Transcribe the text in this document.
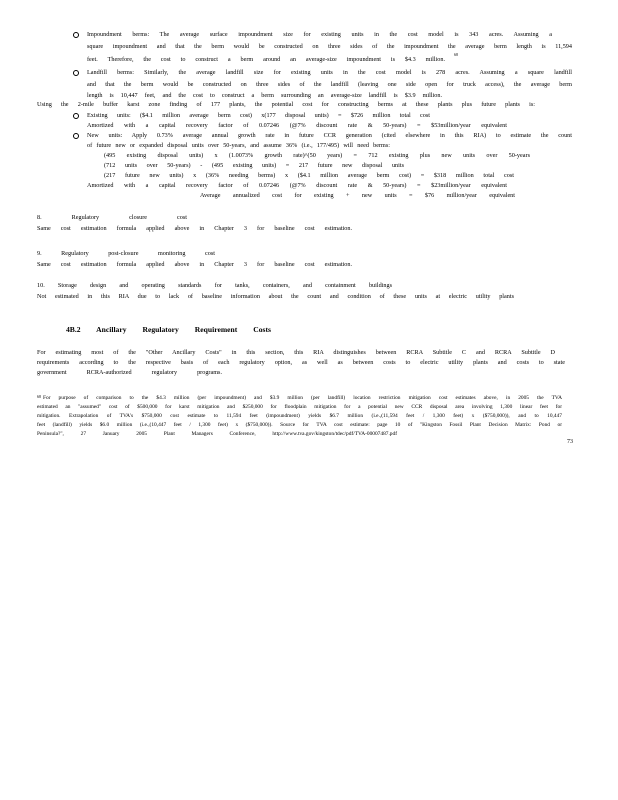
Impoundment berms: The average surface impoundment size for existing units in the cost model is 343 acres. Assuming a
square impoundment and that the berm would be constructed on three sides of the impoundment the average berm length is 11,594
feet. Therefore, the cost to construct a berm around an average-size impoundment is $4.3 million.
68
Landfill berms: Similarly, the average landfill size for existing units in the cost model is 278 acres. Assuming a square landfill
and that the berm would be constructed on three sides of the landfill (leaving one side open for truck access), the average berm
length is 10,447 feet, and the cost to construct a berm surrounding an average-size landfill is $3.9 million.
Using the 2-mile buffer karst zone finding of 177 plants, the potential cost for constructing berms at these plants plus future plants is:
Existing units: ($4.1 million average berm cost) x(177 disposal units) = $726 million total cost
Amortized with a capital recovery factor of 0.07246 (@7% discount rate & 50-years) = $53million/year equivalent
New units: Apply 0.73% average annual growth rate in future CCR generation (cited elsewhere in this RIA) to estimate the count
of future new or expanded disposal units over 50-years, and assume 36% (i.e., 177/495) will need berms:
(495 existing disposal units) x (1.0073% growth rate)^(50 years) = 712 existing plus new units over 50-years
(712 units over 50-years) - (495 existing units) = 217 future new disposal units
(217 future new units) x (36% needing berms) x ($4.1 million average berm cost) = $318 million total cost
Amortized with a capital recovery factor of 0.07246 (@7% discount rate & 50-years) = $23million/year equivalent
Average annualized cost for existing + new units = $76 million/year equivalent
8. Regulatory closure cost
Same cost estimation formula applied above in Chapter 3 for baseline cost estimation.
9. Regulatory post-closure monitoring cost
Same cost estimation formula applied above in Chapter 3 for baseline cost estimation.
10. Storage design and operating standards for tanks, containers, and containment buildings
Not estimated in this RIA due to lack of baseline information about the count and condition of these units at electric utility plants
4B.2 Ancillary Regulatory Requirement Costs
For estimating most of the "Other Ancillary Costs" in this section, this RIA distinguishes between RCRA Subtitle C and RCRA Subtitle D
requirements according to the respective basis of each regulatory option, as well as between costs to electric utility plants and costs to state
government RCRA-authorized regulatory programs.
68 For purpose of comparison to the $4.3 million (per impoundment) and $3.9 million (per landfill) location restriction mitigation cost estimates above, in 2005 the TVA
estimated an "assumed" cost of $500,000 for karst mitigation and $250,000 for floodplain mitigation for a potential new CCR disposal area involving 1,300 linear feet for
mitigation. Extrapolation of TVA's $750,000 cost estimate to 11,594 feet (impoundment) yields $6.7 million (i.e.,(11,594 feet / 1,300 feet) x ($750,000)), and to 10,447
feet (landfill) yields $6.0 million (i.e.,(10,447 feet / 1,300 feet) x ($750,000)). Source for TVA cost estimate: page 10 of "Kingston Fossil Plant Decision Matrix: Pond or
Peninsula?", 27 January 2005 Plant Managers Conference, http://www.tva.gov/kingston/tdec/pdf/TVA-00007487.pdf
73
